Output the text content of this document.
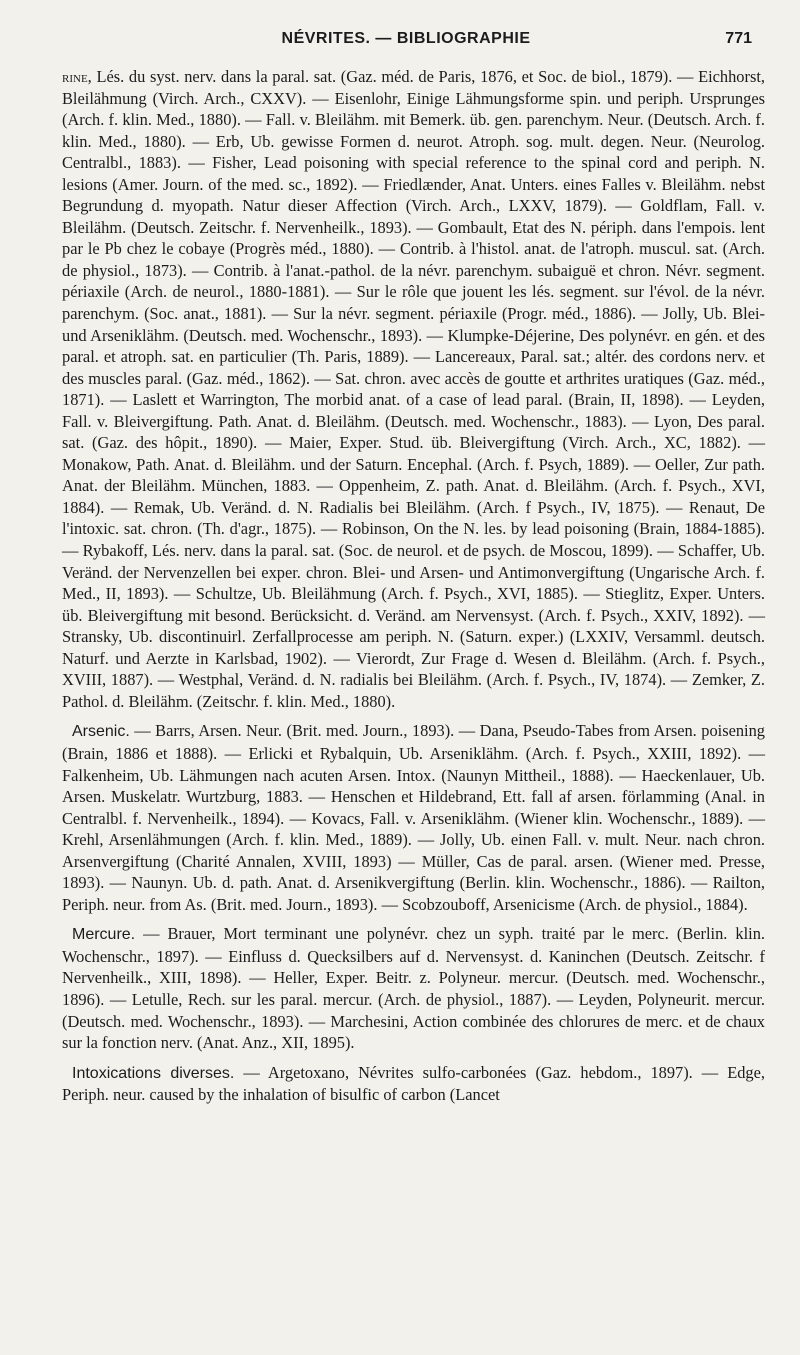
NÉVRITES. — BIBLIOGRAPHIE	771

rine, Lés. du syst. nerv. dans la paral. sat. (Gaz. méd. de Paris, 1876, et Soc. de biol., 1879). — Eichhorst, Bleilähmung (Virch. Arch., CXXV). — Eisenlohr, Einige Lähmungsforme spin. und periph. Ursprunges (Arch. f. klin. Med., 1880). — Fall. v. Bleilähm. mit Bemerk. üb. gen. parenchym. Neur. (Deutsch. Arch. f. klin. Med., 1880). — Erb, Ub. gewisse Formen d. neurot. Atroph. sog. mult. degen. Neur. (Neurolog. Centralbl., 1883). — Fisher, Lead poisoning with special reference to the spinal cord and periph. N. lesions (Amer. Journ. of the med. sc., 1892). — Friedlænder, Anat. Unters. eines Falles v. Bleilähm. nebst Begrundung d. myopath. Natur dieser Affection (Virch. Arch., LXXV, 1879). — Goldflam, Fall. v. Bleilähm. (Deutsch. Zeitschr. f. Nervenheilk., 1893). — Gombault, Etat des N. périph. dans l'empois. lent par le Pb chez le cobaye (Progrès méd., 1880). — Contrib. à l'histol. anat. de l'atroph. muscul. sat. (Arch. de physiol., 1873). — Contrib. à l'anat.-pathol. de la névr. parenchym. subaiguë et chron. Névr. segment. périaxile (Arch. de neurol., 1880-1881). — Sur le rôle que jouent les lés. segment. sur l'évol. de la névr. parenchym. (Soc. anat., 1881). — Sur la névr. segment. périaxile (Progr. méd., 1886). — Jolly, Ub. Blei- und Arseniklähm. (Deutsch. med. Wochenschr., 1893). — Klumpke-Déjerine, Des polynévr. en gén. et des paral. et atroph. sat. en particulier (Th. Paris, 1889). — Lancereaux, Paral. sat.; altér. des cordons nerv. et des muscles paral. (Gaz. méd., 1862). — Sat. chron. avec accès de goutte et arthrites uratiques (Gaz. méd., 1871). — Laslett et Warrington, The morbid anat. of a case of lead paral. (Brain, II, 1898). — Leyden, Fall. v. Bleivergiftung. Path. Anat. d. Bleilähm. (Deutsch. med. Wochenschr., 1883). — Lyon, Des paral. sat. (Gaz. des hôpit., 1890). — Maier, Exper. Stud. üb. Bleivergiftung (Virch. Arch., XC, 1882). — Monakow, Path. Anat. d. Bleilähm. und der Saturn. Encephal. (Arch. f. Psych, 1889). — Oeller, Zur path. Anat. der Bleilähm. München, 1883. — Oppenheim, Z. path. Anat. d. Bleilähm. (Arch. f. Psych., XVI, 1884). — Remak, Ub. Veränd. d. N. Radialis bei Bleilähm. (Arch. f Psych., IV, 1875). — Renaut, De l'intoxic. sat. chron. (Th. d'agr., 1875). — Robinson, On the N. les. by lead poisoning (Brain, 1884-1885). — Rybakoff, Lés. nerv. dans la paral. sat. (Soc. de neurol. et de psych. de Moscou, 1899). — Schaffer, Ub. Veränd. der Nervenzellen bei exper. chron. Blei- und Arsen- und Antimonvergiftung (Ungarische Arch. f. Med., II, 1893). — Schultze, Ub. Bleilähmung (Arch. f. Psych., XVI, 1885). — Stieglitz, Exper. Unters. üb. Bleivergiftung mit besond. Berücksicht. d. Veränd. am Nervensyst. (Arch. f. Psych., XXIV, 1892). — Stransky, Ub. discontinuirl. Zerfallprocesse am periph. N. (Saturn. exper.) (LXXIV, Versamml. deutsch. Naturf. und Aerzte in Karlsbad, 1902). — Vierordt, Zur Frage d. Wesen d. Bleilähm. (Arch. f. Psych., XVIII, 1887). — Westphal, Veränd. d. N. radialis bei Bleilähm. (Arch. f. Psych., IV, 1874). — Zemker, Z. Pathol. d. Bleilähm. (Zeitschr. f. klin. Med., 1880).

Arsenic. — Barrs, Arsen. Neur. (Brit. med. Journ., 1893). — Dana, Pseudo-Tabes from Arsen. poisening (Brain, 1886 et 1888). — Erlicki et Rybalquin, Ub. Arseniklähm. (Arch. f. Psych., XXIII, 1892). — Falkenheim, Ub. Lähmungen nach acuten Arsen. Intox. (Naunyn Mittheil., 1888). — Haeckenlauer, Ub. Arsen. Muskelatr. Wurtzburg, 1883. — Henschen et Hildebrand, Ett. fall af arsen. förlamming (Anal. in Centralbl. f. Nervenheilk., 1894). — Kovacs, Fall. v. Arseniklähm. (Wiener klin. Wochenschr., 1889). — Krehl, Arsenlähmungen (Arch. f. klin. Med., 1889). — Jolly, Ub. einen Fall. v. mult. Neur. nach chron. Arsenvergiftung (Charité Annalen, XVIII, 1893) — Müller, Cas de paral. arsen. (Wiener med. Presse, 1893). — Naunyn. Ub. d. path. Anat. d. Arsenikvergiftung (Berlin. klin. Wochenschr., 1886). — Railton, Periph. neur. from As. (Brit. med. Journ., 1893). — Scobzouboff, Arsenicisme (Arch. de physiol., 1884).

Mercure. — Brauer, Mort terminant une polynévr. chez un syph. traité par le merc. (Berlin. klin. Wochenschr., 1897). — Einfluss d. Quecksilbers auf d. Nervensyst. d. Kaninchen (Deutsch. Zeitschr. f Nervenheilk., XIII, 1898). — Heller, Exper. Beitr. z. Polyneur. mercur. (Deutsch. med. Wochenschr., 1896). — Letulle, Rech. sur les paral. mercur. (Arch. de physiol., 1887). — Leyden, Polyneurit. mercur. (Deutsch. med. Wochenschr., 1893). — Marchesini, Action combinée des chlorures de merc. et de chaux sur la fonction nerv. (Anat. Anz., XII, 1895).

Intoxications diverses. — Argetoxano, Névrites sulfo-carbonées (Gaz. hebdom., 1897). — Edge, Periph. neur. caused by the inhalation of bisulfic of carbon (Lancet
